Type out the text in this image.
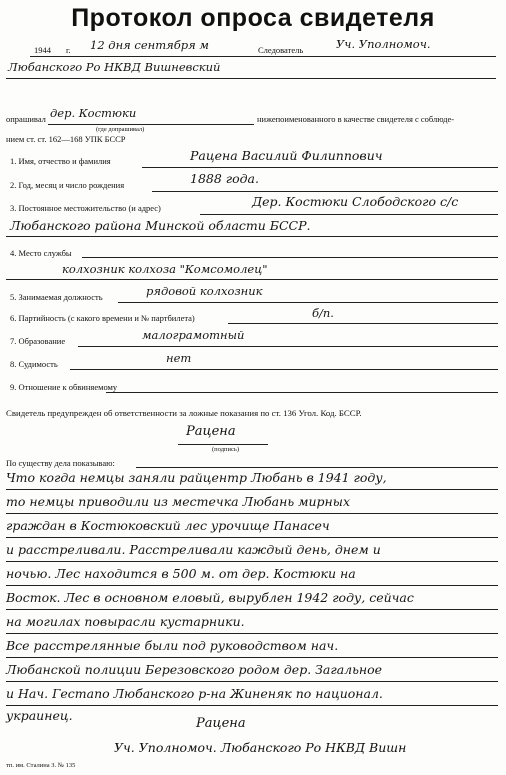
Протокол опроса свидетеля
1944 г. 12 дня сентября м	Следователь	Уч. Уполномоч.
Любанского Ро НКВД Вишневский
опрашивал дер. Костюки
(где допрашивал)
нижепоименованного в качестве свидетеля с соблюде-
нием ст. ст. 162—168 УПК БССР
1. Имя, отчество и фамилия	Рацена Василий Филиппович
2. Год, месяц и число рождения	1888 года.
3. Постоянное местожительство (и адрес)	Дер. Костюки Слободского с/с
Любанского района Минской области БССР.
4. Место службы
колхозник колхоза "Комсомолец"
5. Занимаемая должность	рядовой колхозник
6. Партийность (с какого времени и № партбилета)	б/п.
7. Образование	малограмотный
8. Судимость	нет
9. Отношение к обвиняемому
Свидетель предупрежден об ответственности за ложные показания по ст. 136 Угол. Код. БССР.
Рацена
(подпись)
По существу дела показываю:
Что когда немцы заняли райцентр Любань в 1941 году,
то немцы приводили из местечка Любань мирных
граждан в Костюковский лес урочище Панасеч
и расстреливали. Расстреливали каждый день, днем и
ночью. Лес находится в 500 м. от дер. Костюки на
Восток. Лес в основном еловый, вырублен 1942 году, сейчас
на могилах повырасли кустарники.
Все расстрелянные были под руководством нач.
Любанской полиции Березовского родом дер. Загальное
и Нач. Гестапо Любанского р-на Жиненяк по национал.
украинец.
Рацена
Уч. Уполномоч. Любанского Ро НКВД Вишн
тп. им. Сталина З. № 135
